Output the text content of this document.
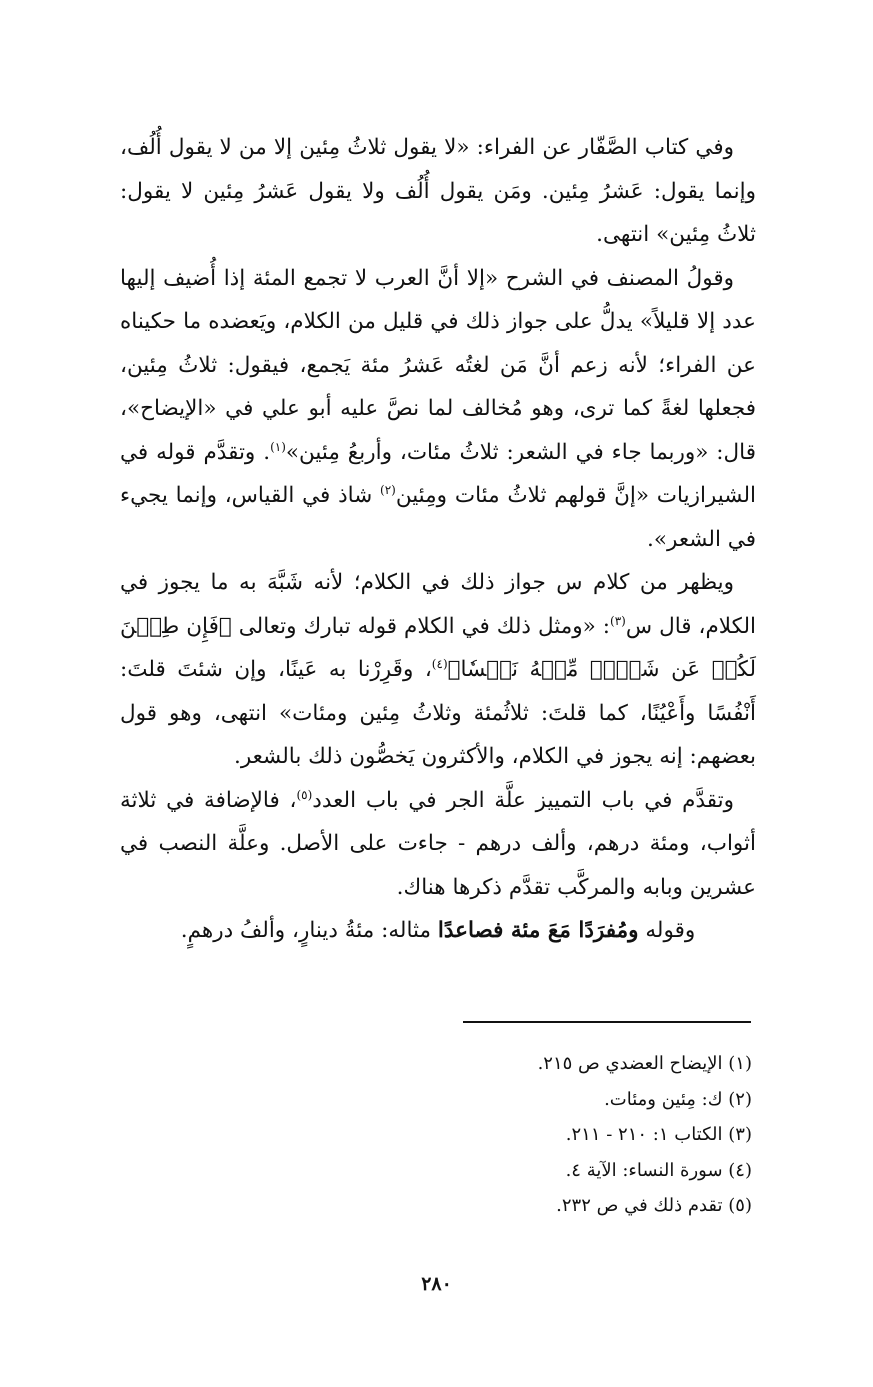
وفي كتاب الصَّفّار عن الفراء: «لا يقول ثلاثُ مِئين إلا من لا يقول أُلُف، وإنما يقول: عَشرُ مِئين. ومَن يقول أُلُف ولا يقول عَشرُ مِئين لا يقول: ثلاثُ مِئين» انتهى.

وقولُ المصنف في الشرح «إلا أنَّ العرب لا تجمع المئة إذا أُضيف إليها عدد إلا قليلاً» يدلُّ على جواز ذلك في قليل من الكلام، ويَعضده ما حكيناه عن الفراء؛ لأنه زعم أنَّ مَن لغتُه عَشرُ مئة يَجمع، فيقول: ثلاثُ مِئين، فجعلها لغةً كما ترى، وهو مُخالف لما نصَّ عليه أبو علي في «الإيضاح»، قال: «وربما جاء في الشعر: ثلاثُ مئات، وأربعُ مِئين»$^{(١)}$. وتقدَّم قوله في الشيرازيات «إنَّ قولهم ثلاثُ مئات ومِئين$^{(٢)}$ شاذ في القياس، وإنما يجيء في الشعر».

ويظهر من كلام س جواز ذلك في الكلام؛ لأنه شَبَّهَ به ما يجوز في الكلام، قال س$^{(٣)}$: «ومثل ذلك في الكلام قوله تبارك وتعالى ﴿فَإِن طِبۡنَ لَكُمۡ عَن شَيۡءٖ مِّنۡهُ نَفۡسٗا﴾$^{(٤)}$، وقَرِرْنا به عَينًا، وإن شئتَ قلتَ: أَنْفُسًا وأَعْيُنًا، كما قلتَ: ثلاثُمئة وثلاثُ مِئين ومئات» انتهى، وهو قول بعضهم: إنه يجوز في الكلام، والأكثرون يَخصُّون ذلك بالشعر.

وتقدَّم في باب التمييز علَّة الجر في باب العدد$^{(٥)}$، فالإضافة في ثلاثة أثواب، ومئة درهم، وألف درهم - جاءت على الأصل. وعلَّة النصب في عشرين وبابه والمركَّب تقدَّم ذكرها هناك.

وقوله ومُفرَدًا مَعَ مئة فصاعدًا مثاله: مئةُ دينارٍ، وألفُ درهمٍ.

(١) الإيضاح العضدي ص ٢١٥.
(٢) ك: مِئين ومئات.
(٣) الكتاب ١: ٢١٠ - ٢١١.
(٤) سورة النساء: الآية ٤.
(٥) تقدم ذلك في ص ٢٣٢.
٢٨٠
